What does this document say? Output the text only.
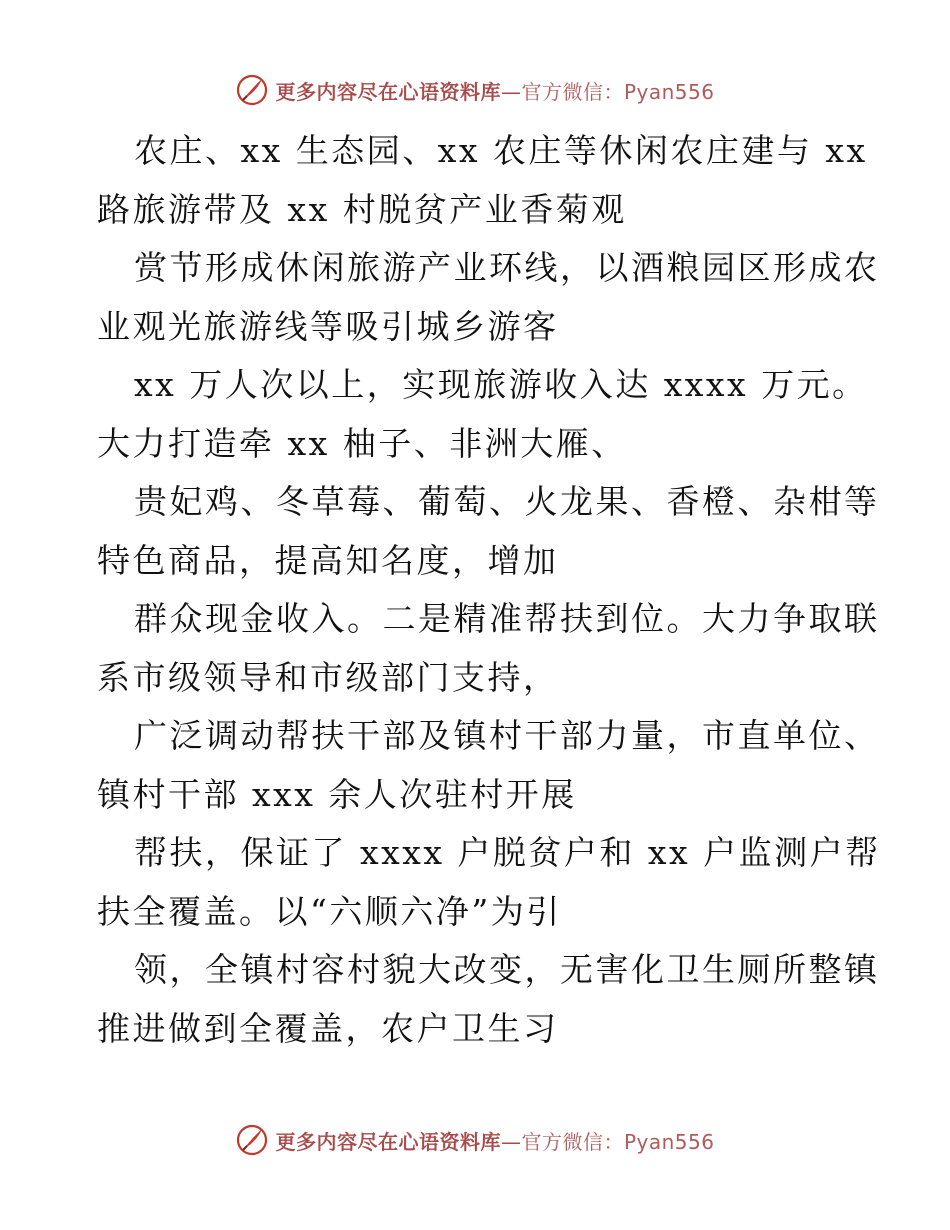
更多内容尽在心语资料库—官方微信：Pyan556
农庄、xx 生态园、xx 农庄等休闲农庄建与 xx
路旅游带及 xx 村脱贫产业香菊观
赏节形成休闲旅游产业环线，以酒粮园区形成农
业观光旅游线等吸引城乡游客
xx 万人次以上，实现旅游收入达 xxxx 万元。
大力打造牵 xx 柚子、非洲大雁、
贵妃鸡、冬草莓、葡萄、火龙果、香橙、杂柑等
特色商品，提高知名度，增加
群众现金收入。二是精准帮扶到位。大力争取联
系市级领导和市级部门支持，
广泛调动帮扶干部及镇村干部力量，市直单位、
镇村干部 xxx 余人次驻村开展
帮扶，保证了 xxxx 户脱贫户和 xx 户监测户帮
扶全覆盖。以“六顺六净”为引
领，全镇村容村貌大改变，无害化卫生厕所整镇
推进做到全覆盖，农户卫生习
更多内容尽在心语资料库—官方微信：Pyan556
